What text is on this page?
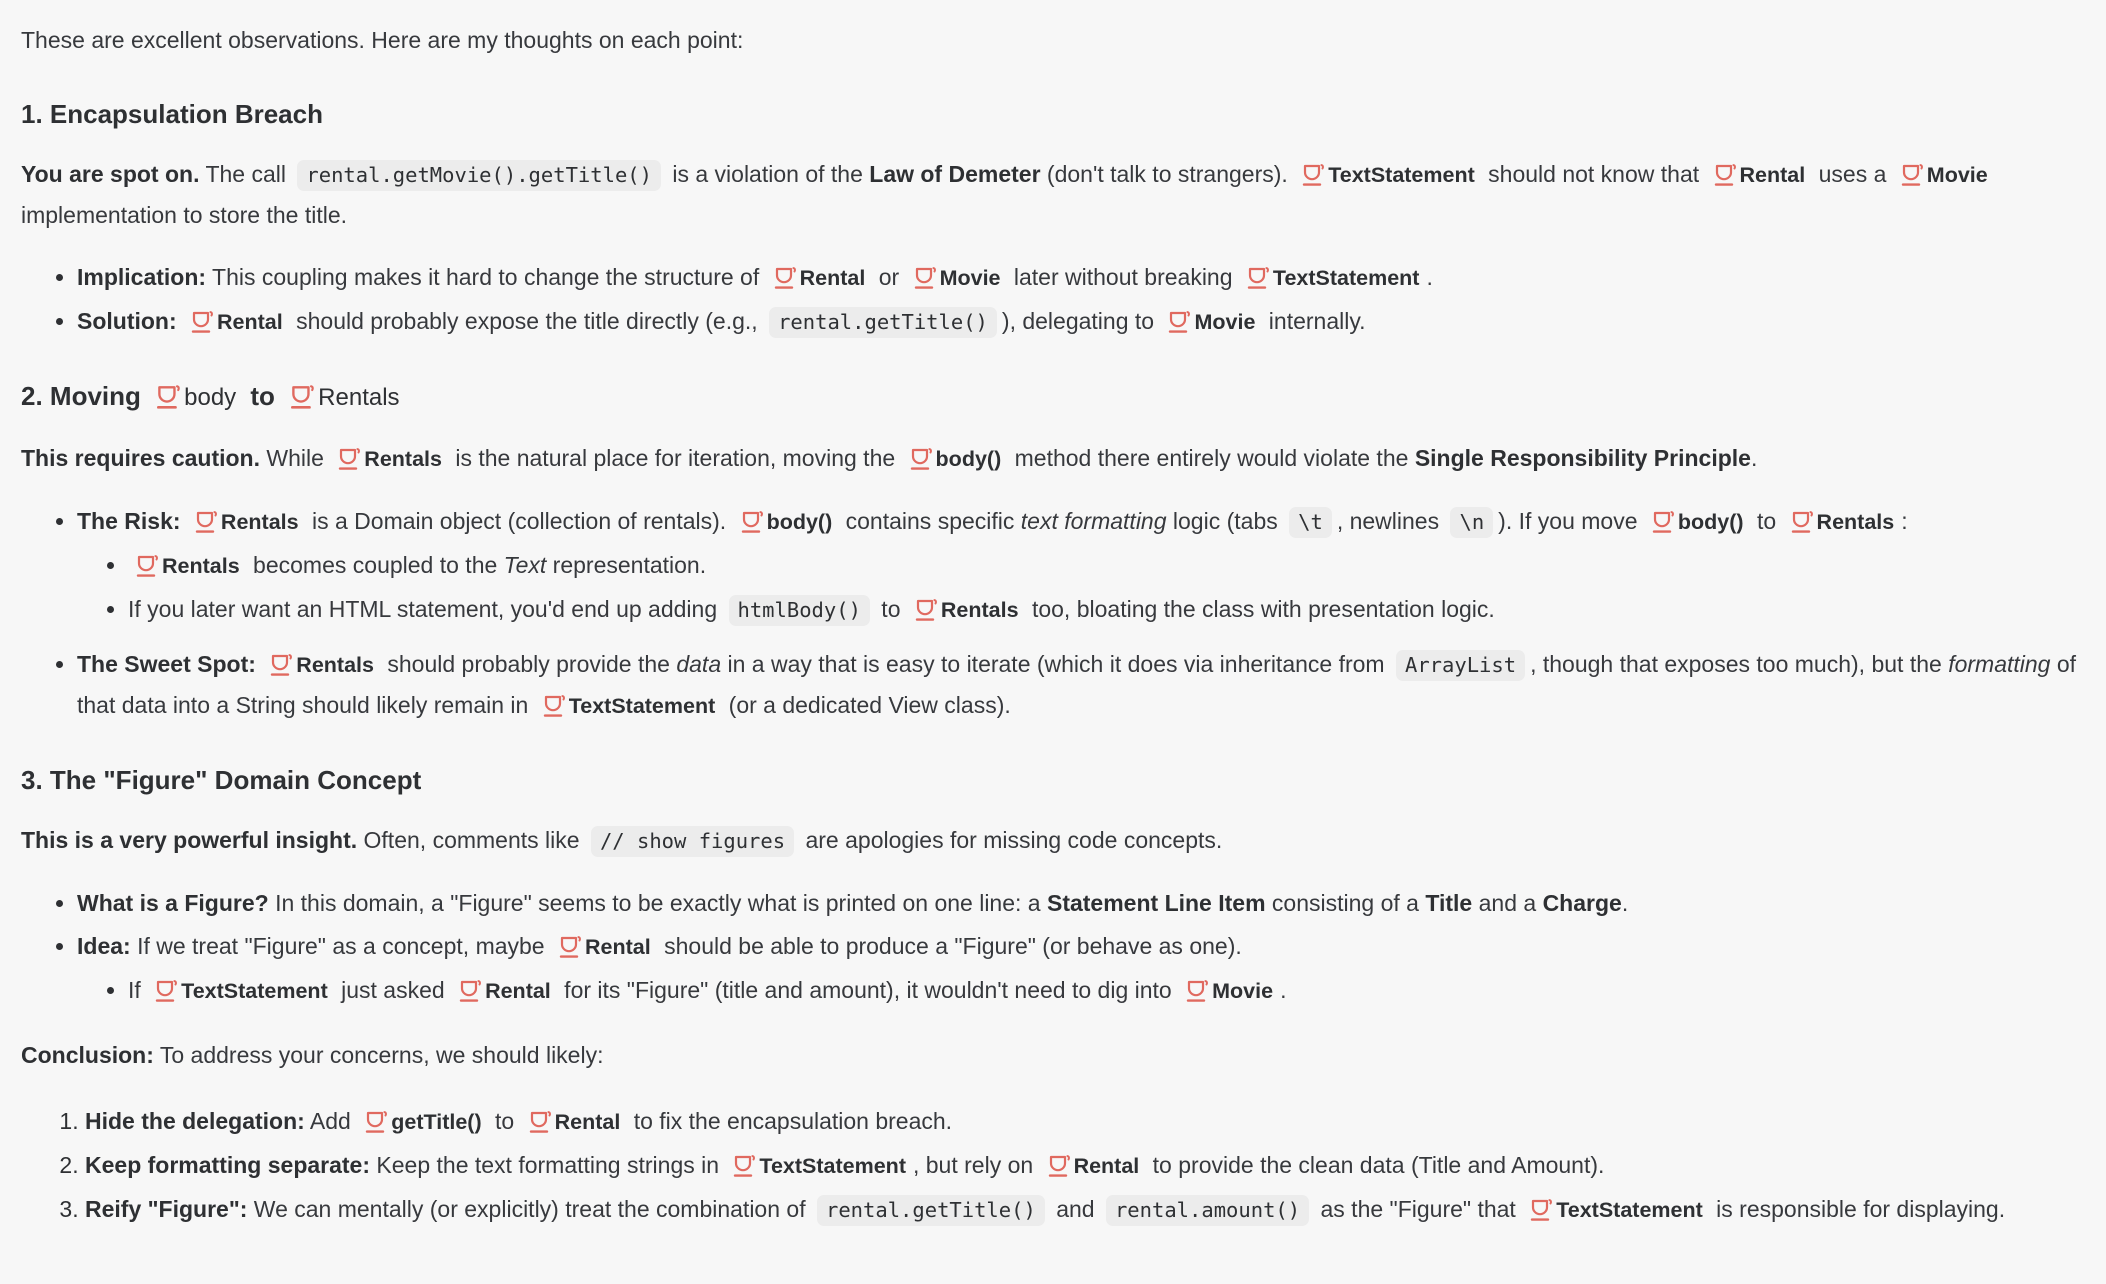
These are excellent observations. Here are my thoughts on each point:

1. Encapsulation Breach

You are spot on. The call rental.getMovie().getTitle() is a violation of the Law of Demeter (don't talk to strangers). TextStatement should not know that Rental uses a Movie implementation to store the title.

• Implication: This coupling makes it hard to change the structure of Rental or Movie later without breaking TextStatement .
• Solution: Rental should probably expose the title directly (e.g., rental.getTitle() ), delegating to Movie internally.
2. Moving body to Rentals

This requires caution. While Rentals is the natural place for iteration, moving the body() method there entirely would violate the Single Responsibility Principle.

• The Risk: Rentals is a Domain object (collection of rentals). body() contains specific text formatting logic (tabs \t , newlines \n ). If you move body() to Rentals :
• Rentals becomes coupled to the Text representation.
• If you later want an HTML statement, you'd end up adding htmlBody() to Rentals too, bloating the class with presentation logic.
• The Sweet Spot: Rentals should probably provide the data in a way that is easy to iterate (which it does via inheritance from ArrayList , though that exposes too much), but the formatting of that data into a String should likely remain in TextStatement (or a dedicated View class).
3. The "Figure" Domain Concept

This is a very powerful insight. Often, comments like // show figures are apologies for missing code concepts.

• What is a Figure? In this domain, a "Figure" seems to be exactly what is printed on one line: a Statement Line Item consisting of a Title and a Charge.
• Idea: If we treat "Figure" as a concept, maybe Rental should be able to produce a "Figure" (or behave as one).
• If TextStatement just asked Rental for its "Figure" (title and amount), it wouldn't need to dig into Movie .

Conclusion: To address your concerns, we should likely:

1. Hide the delegation: Add getTitle() to Rental to fix the encapsulation breach.
2. Keep formatting separate: Keep the text formatting strings in TextStatement , but rely on Rental to provide the clean data (Title and Amount).
3. Reify "Figure": We can mentally (or explicitly) treat the combination of rental.getTitle() and rental.amount() as the "Figure" that TextStatement is responsible for displaying.
